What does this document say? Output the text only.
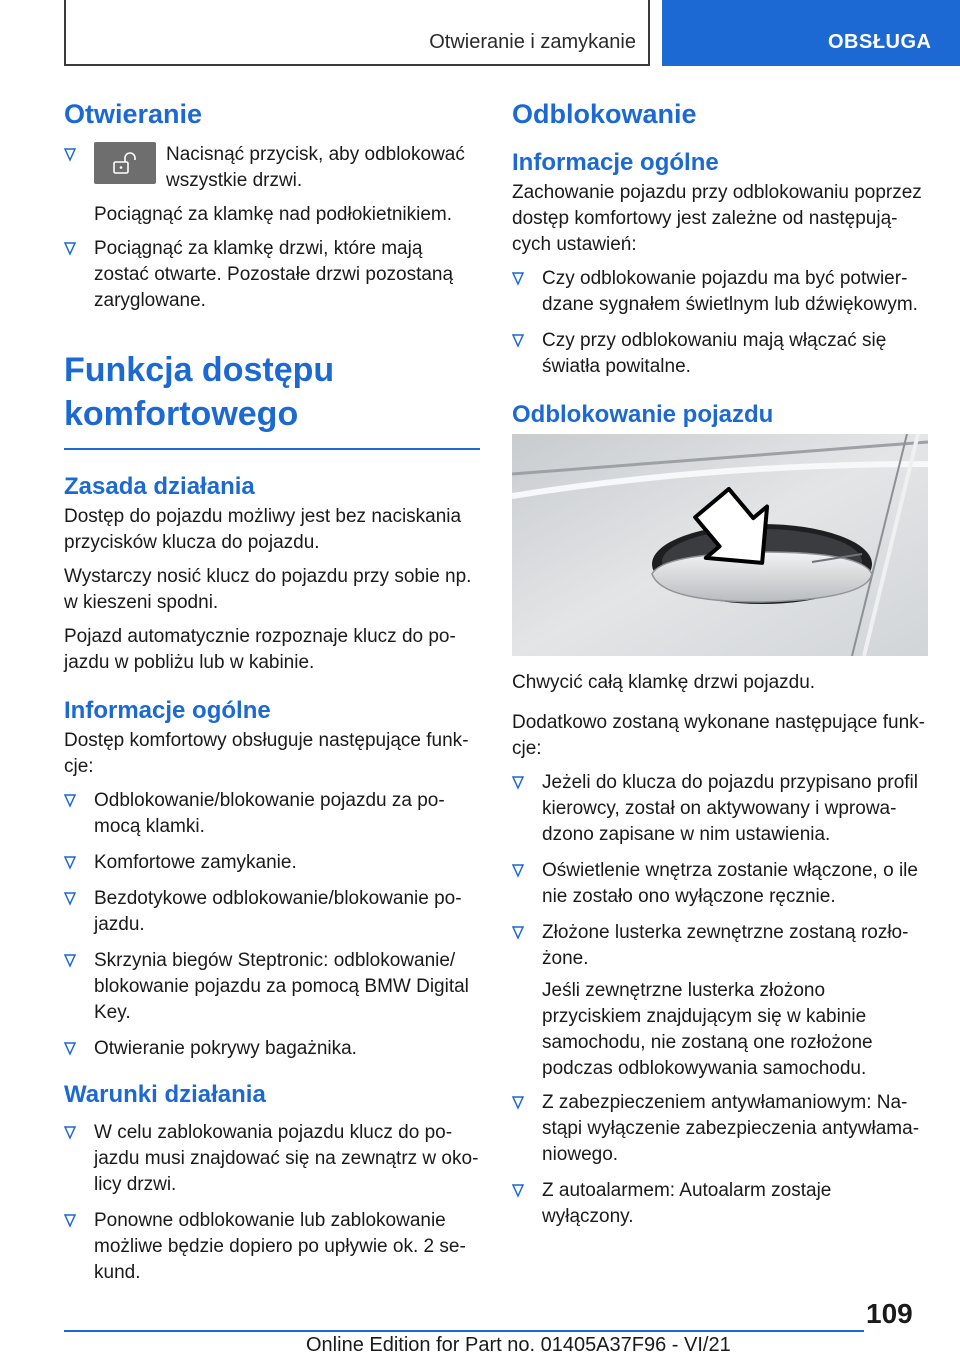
Otwieranie i zamykanie	OBSŁUGA
Otwieranie
Nacisnąć przycisk, aby odblokować wszystkie drzwi.

Pociągnąć za klamkę nad podłokietnikiem.

Pociągnąć za klamkę drzwi, które mają zostać otwarte. Pozostałe drzwi pozostaną zaryglowane.
Funkcja dostępu komfortowego
Zasada działania

Dostęp do pojazdu możliwy jest bez naciskania przycisków klucza do pojazdu.

Wystarczy nosić klucz do pojazdu przy sobie np. w kieszeni spodni.

Pojazd automatycznie rozpoznaje klucz do pojazdu w pobliżu lub w kabinie.

Informacje ogólne

Dostęp komfortowy obsługuje następujące funkcje:

Odblokowanie/blokowanie pojazdu za pomocą klamki.
Komfortowe zamykanie.
Bezdotykowe odblokowanie/blokowanie pojazdu.
Skrzynia biegów Steptronic: odblokowanie/ blokowanie pojazdu za pomocą BMW Digital Key.
Otwieranie pokrywy bagażnika.
Warunki działania
W celu zablokowania pojazdu klucz do pojazdu musi znajdować się na zewnątrz w okolicy drzwi.
Ponowne odblokowanie lub zablokowanie możliwe będzie dopiero po upływie ok. 2 sekund.
Odblokowanie
Informacje ogólne

Zachowanie pojazdu przy odblokowaniu poprzez dostęp komfortowy jest zależne od następujących ustawień:

Czy odblokowanie pojazdu ma być potwierdzane sygnałem świetlnym lub dźwiękowym.
Czy przy odblokowaniu mają włączać się światła powitalne.
Odblokowanie pojazdu

Chwycić całą klamkę drzwi pojazdu.

Dodatkowo zostaną wykonane następujące funkcje:

Jeżeli do klucza do pojazdu przypisano profil kierowcy, został on aktywowany i wprowadzono zapisane w nim ustawienia.
Oświetlenie wnętrza zostanie włączone, o ile nie zostało ono wyłączone ręcznie.
Złożone lusterka zewnętrzne zostaną rozłożone.

Jeśli zewnętrzne lusterka złożono przyciskiem znajdującym się w kabinie samochodu, nie zostaną one rozłożone podczas odblokowywania samochodu.

Z zabezpieczeniem antywłamaniowym: Nastąpi wyłączenie zabezpieczenia antywłamaniowego.
Z autoalarmem: Autoalarm zostaje wyłączony.
109
Online Edition for Part no. 01405A37F96 - VI/21
